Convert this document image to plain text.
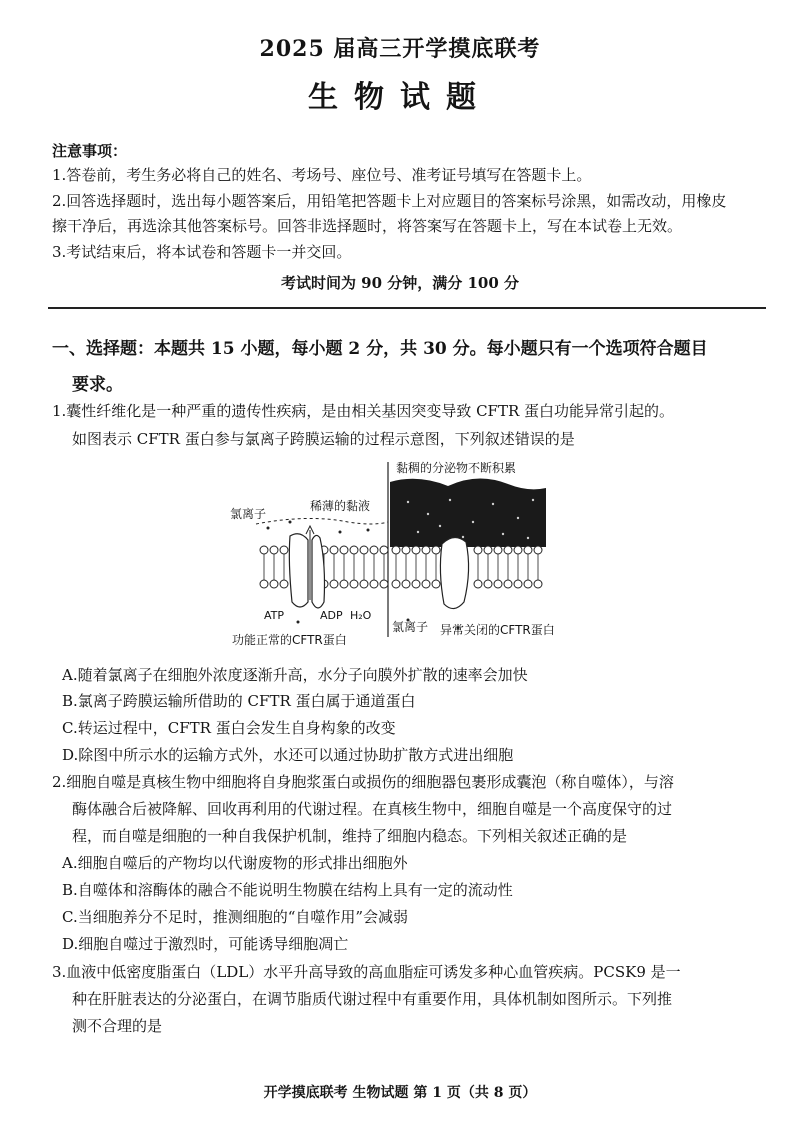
2025 届高三开学摸底联考
生物试题
注意事项：
1.答卷前，考生务必将自己的姓名、考场号、座位号、准考证号填写在答题卡上。
2.回答选择题时，选出每小题答案后，用铅笔把答题卡上对应题目的答案标号涂黑，如需改动，用橡皮
擦干净后，再选涂其他答案标号。回答非选择题时，将答案写在答题卡上，写在本试卷上无效。
3.考试结束后，将本试卷和答题卡一并交回。
考试时间为 90 分钟，满分 100 分
一、选择题：本题共 15 小题，每小题 2 分，共 30 分。每小题只有一个选项符合题目
要求。
1.囊性纤维化是一种严重的遗传性疾病，是由相关基因突变导致 CFTR 蛋白功能异常引起的。
如图表示 CFTR 蛋白参与氯离子跨膜运输的过程示意图，下列叙述错误的是
黏稠的分泌物不断积累
稀薄的黏液
氯离子
ATP	ADP H₂O
功能正常的CFTR蛋白
氯离子 异常关闭的CFTR蛋白
A.随着氯离子在细胞外浓度逐渐升高，水分子向膜外扩散的速率会加快
B.氯离子跨膜运输所借助的 CFTR 蛋白属于通道蛋白
C.转运过程中，CFTR 蛋白会发生自身构象的改变
D.除图中所示水的运输方式外，水还可以通过协助扩散方式进出细胞
2.细胞自噬是真核生物中细胞将自身胞浆蛋白或损伤的细胞器包裹形成囊泡（称自噬体），与溶
酶体融合后被降解、回收再利用的代谢过程。在真核生物中，细胞自噬是一个高度保守的过
程，而自噬是细胞的一种自我保护机制，维持了细胞内稳态。下列相关叙述正确的是
A.细胞自噬后的产物均以代谢废物的形式排出细胞外
B.自噬体和溶酶体的融合不能说明生物膜在结构上具有一定的流动性
C.当细胞养分不足时，推测细胞的“自噬作用”会减弱
D.细胞自噬过于激烈时，可能诱导细胞凋亡
3.血液中低密度脂蛋白（LDL）水平升高导致的高血脂症可诱发多种心血管疾病。PCSK9 是一
种在肝脏表达的分泌蛋白，在调节脂质代谢过程中有重要作用，具体机制如图所示。下列推
测不合理的是
开学摸底联考 生物试题 第 1 页（共 8 页）
